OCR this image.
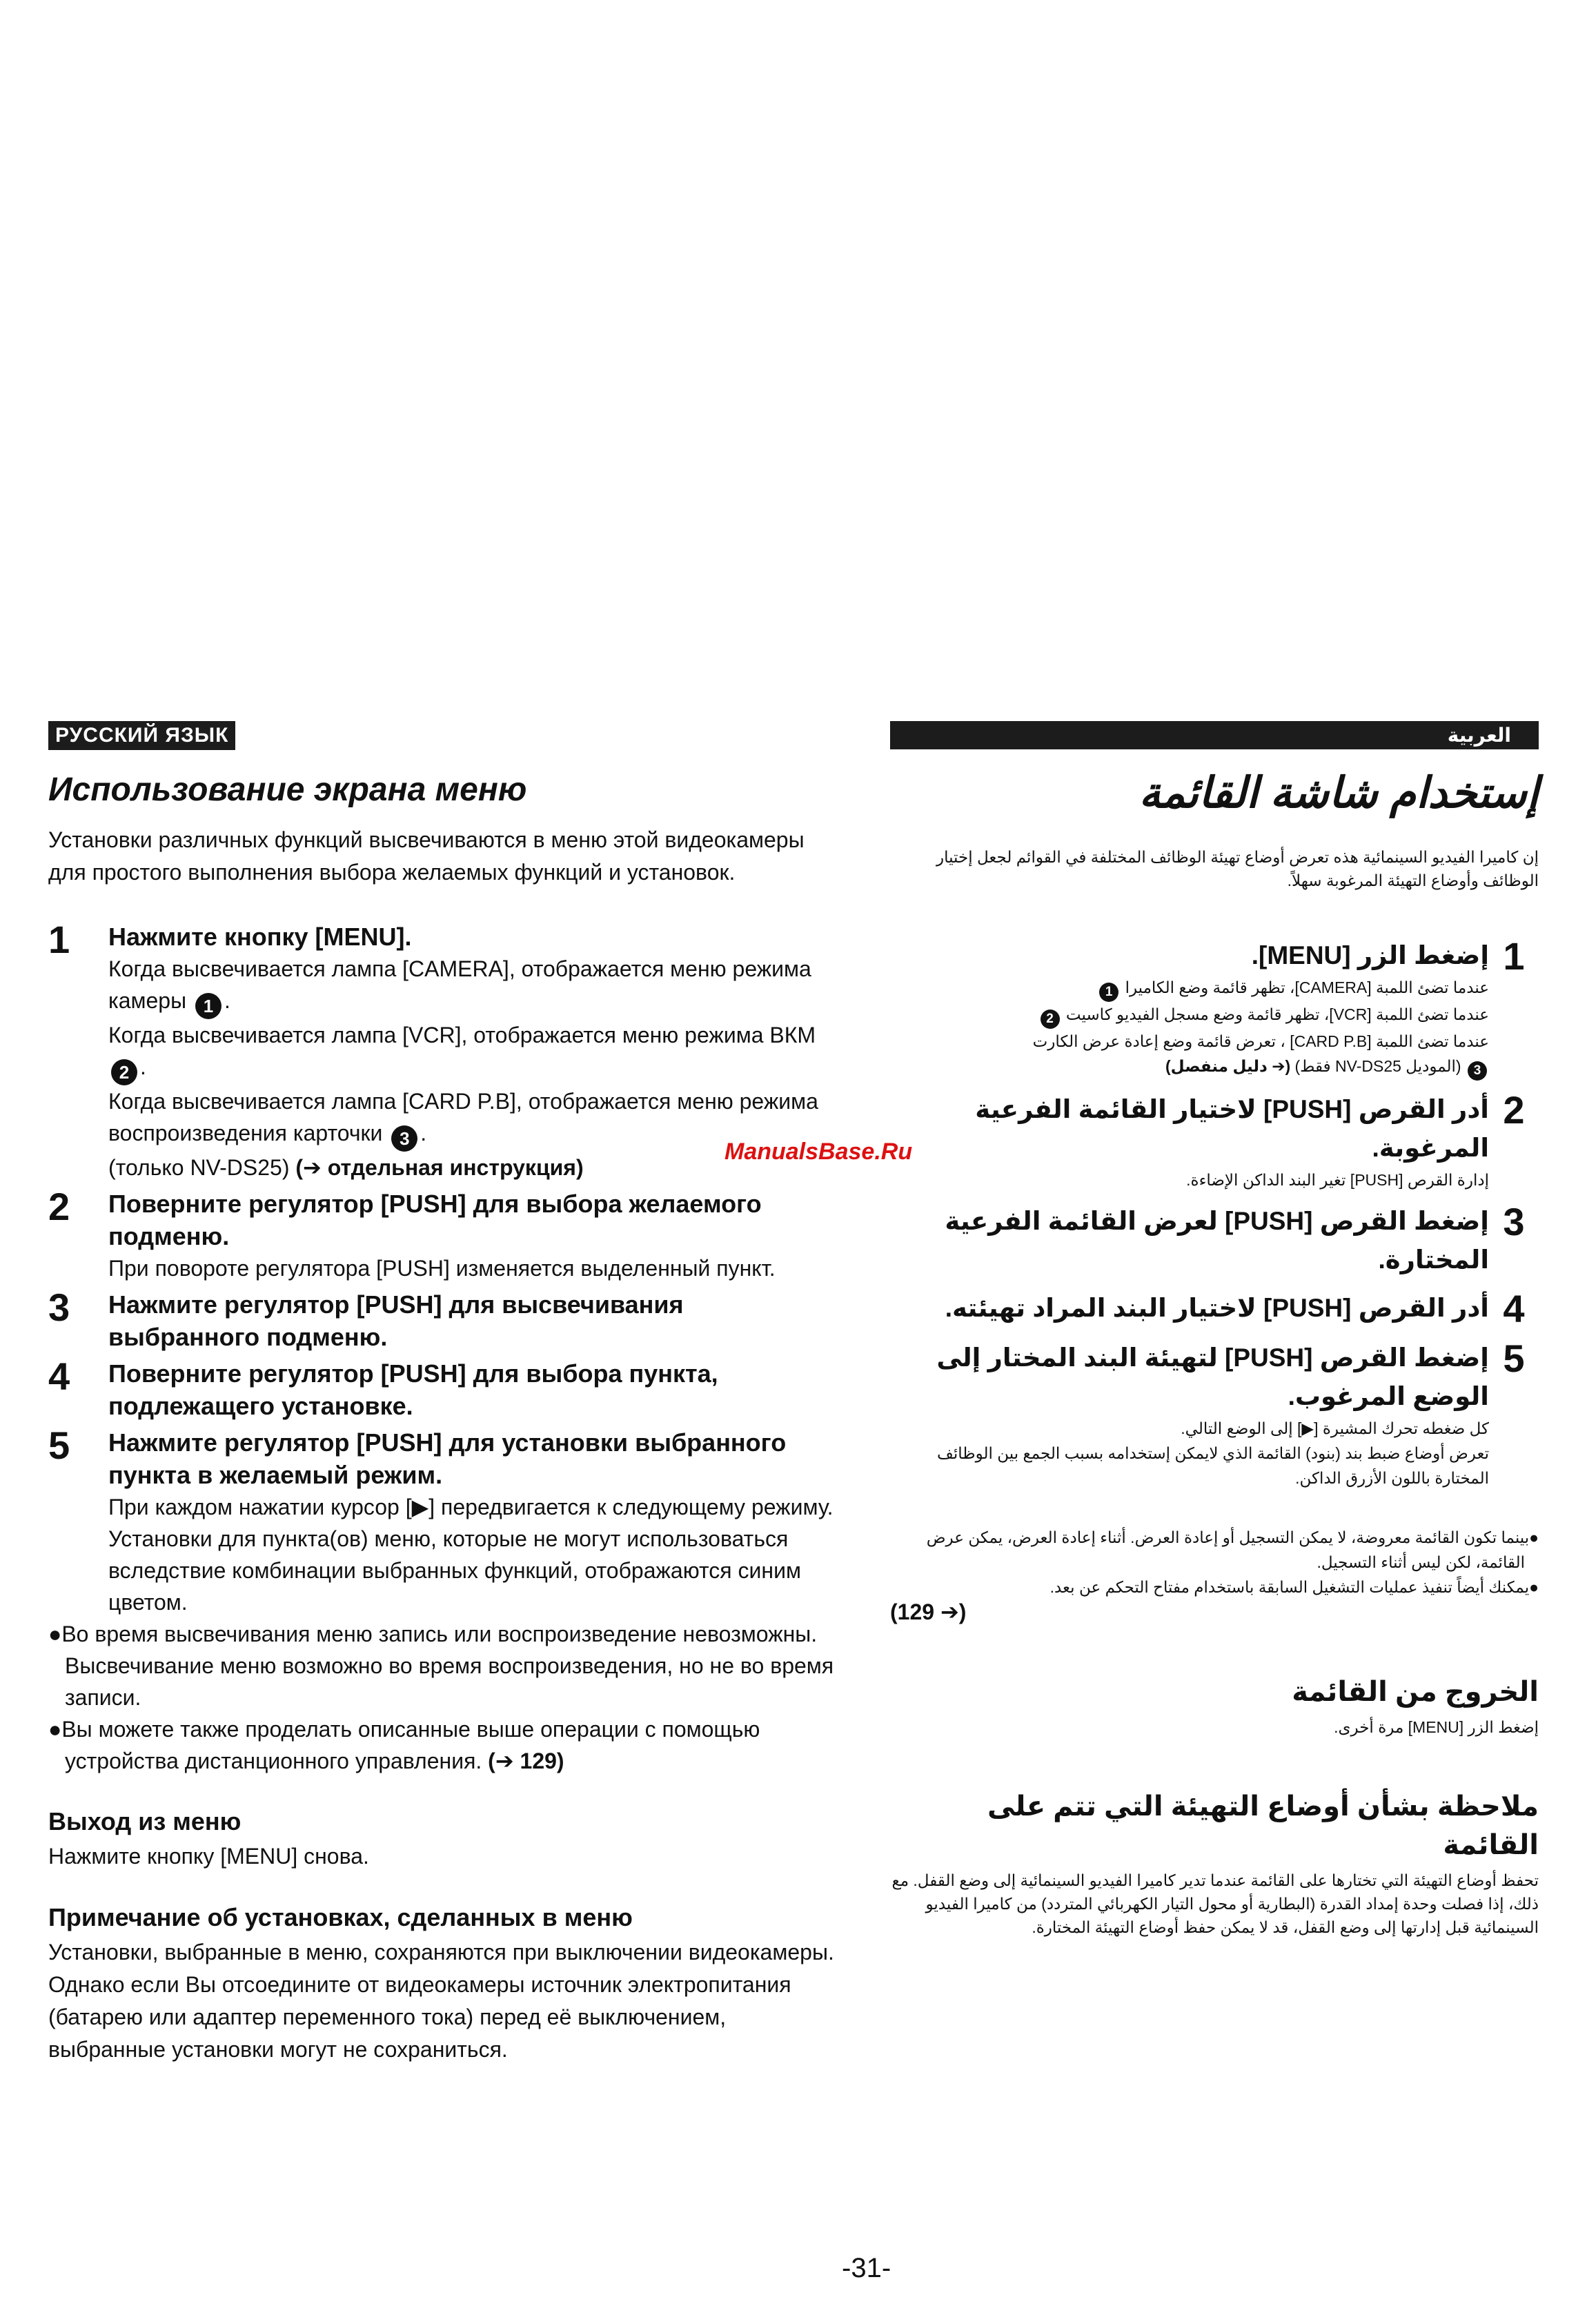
РУССКИЙ ЯЗЫК
Использование экрана меню

Установки различных функций высвечиваются в меню этой видеокамеры для простого выполнения выбора желаемых функций и установок.

1	Нажмите кнопку [MENU].
Когда высвечивается лампа [CAMERA], отображается меню режима камеры 1 .
Когда высвечивается лампа [VCR], отображается меню режима ВКМ 2 .
Когда высвечивается лампа [CARD P.B], отображается меню режима воспроизведения карточки 3 .
(только NV-DS25) (➔ отдельная инструкция)
2	Поверните регулятор [PUSH] для выбора желаемого подменю.
При повороте регулятора [PUSH] изменяется выделенный пункт.
3	Нажмите регулятор [PUSH] для высвечивания выбранного подменю.
4	Поверните регулятор [PUSH] для выбора пункта, подлежащего установке.
5	Нажмите регулятор [PUSH] для установки выбранного пункта в желаемый режим.
При каждом нажатии курсор [▶] передвигается к следующему режиму.
Установки для пункта(ов) меню, которые не могут использоваться вследствие комбинации выбранных функций, отображаются синим цветом.

●Во время высвечивания меню запись или воспроизведение невозможны. Высвечивание меню возможно во время воспроизведения, но не во время записи.

●Вы можете также проделать описанные выше операции с помощью устройства дистанционного управления. (➔ 129)

Выход из меню

Нажмите кнопку [MENU] снова.

Примечание об установках, сделанных в меню

Установки, выбранные в меню, сохраняются при выключении видеокамеры. Однако если Вы отсоедините от видеокамеры источник электропитания (батарею или адаптер переменного тока) перед её выключением, выбранные установки могут не сохраниться.

العربية
إستخدام شاشة القائمة

إن كاميرا الفيديو السينمائية هذه تعرض أوضاع تهيئة الوظائف المختلفة في القوائم لجعل إختيار الوظائف وأوضاع التهيئة المرغوبة سهلاً.

1
إضغط الزر [MENU].
عندما تضئ اللمبة [CAMERA]، تظهر قائمة وضع الكاميرا 1
عندما تضئ اللمبة [VCR]، تظهر قائمة وضع مسجل الفيديو كاسيت 2
عندما تضئ اللمبة [CARD P.B] ، تعرض قائمة وضع إعادة عرض الكارت
3 (الموديل NV-DS25 فقط) (➔ دليل منفصل)
2
أدر القرص [PUSH] لاختيار القائمة الفرعية المرغوبة.
إدارة القرص [PUSH] تغير البند الداكن الإضاءة.
3
إضغط القرص [PUSH] لعرض القائمة الفرعية المختارة.
4
أدر القرص [PUSH] لاختيار البند المراد تهيئته.
5
إضغط القرص [PUSH] لتهيئة البند المختار إلى الوضع المرغوب.
كل ضغطه تحرك المشيرة [▶] إلى الوضع التالي.
تعرض أوضاع ضبط بند (بنود) القائمة الذي لايمكن إستخدامه بسبب الجمع بين الوظائف المختارة باللون الأزرق الداكن.

●بينما تكون القائمة معروضة، لا يمكن التسجيل أو إعادة العرض. أثناء إعادة العرض، يمكن عرض القائمة، لكن ليس أثناء التسجيل.

●يمكنك أيضاً تنفيذ عمليات التشغيل السابقة باستخدام مفتاح التحكم عن بعد.

(➔ 129)

الخروج من القائمة

إضغط الزر [MENU] مرة أخرى.

ملاحظة بشأن أوضاع التهيئة التي تتم على القائمة

تحفظ أوضاع التهيئة التي تختارها على القائمة عندما تدير كاميرا الفيديو السينمائية إلى وضع القفل. مع ذلك، إذا فصلت وحدة إمداد القدرة (البطارية أو محول التيار الكهربائي المتردد) من كاميرا الفيديو السينمائية قبل إدارتها إلى وضع القفل، قد لا يمكن حفظ أوضاع التهيئة المختارة.

ManualsBase.Ru
-31-
